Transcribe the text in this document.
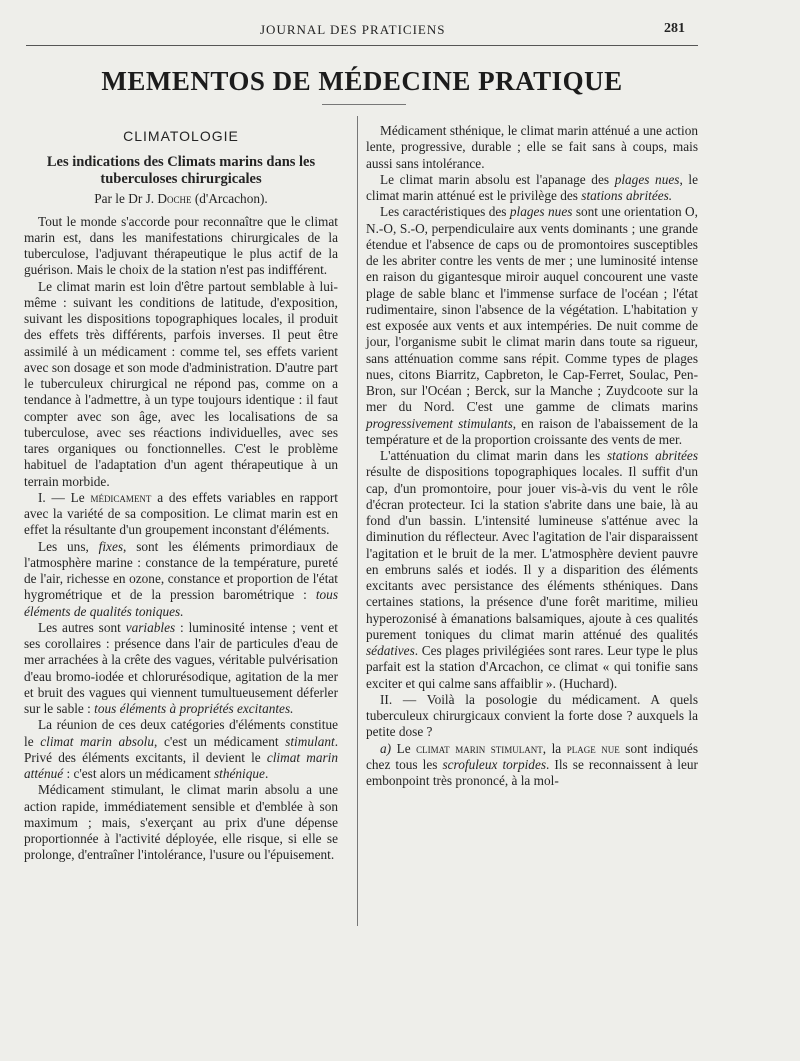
JOURNAL DES PRATICIENS	281
MEMENTOS DE MÉDECINE PRATIQUE

CLIMATOLOGIE

Les indications des Climats marins dans les tuberculoses chirurgicales

Par le Dr J. Doche (d'Arcachon).

Tout le monde s'accorde pour reconnaître que le climat marin est, dans les manifestations chirurgicales de la tuberculose, l'adjuvant thérapeutique le plus actif de la guérison. Mais le choix de la station n'est pas indifférent.

Le climat marin est loin d'être partout semblable à lui-même : suivant les conditions de latitude, d'exposition, suivant les dispositions topographiques locales, il produit des effets très différents, parfois inverses. Il peut être assimilé à un médicament : comme tel, ses effets varient avec son dosage et son mode d'administration. D'autre part le tuberculeux chirurgical ne répond pas, comme on a tendance à l'admettre, à un type toujours identique : il faut compter avec son âge, avec les localisations de sa tuberculose, avec ses réactions individuelles, avec ses tares organiques ou fonctionnelles. C'est le problème habituel de l'adaptation d'un agent thérapeutique à un terrain morbide.

I. — Le médicament a des effets variables en rapport avec la variété de sa composition. Le climat marin est en effet la résultante d'un groupement inconstant d'éléments.

Les uns, fixes, sont les éléments primordiaux de l'atmosphère marine : constance de la température, pureté de l'air, richesse en ozone, constance et proportion de l'état hygrométrique et de la pression barométrique : tous éléments de qualités toniques.

Les autres sont variables : luminosité intense ; vent et ses corollaires : présence dans l'air de particules d'eau de mer arrachées à la crête des vagues, véritable pulvérisation d'eau bromo-iodée et chlorurésodique, agitation de la mer et bruit des vagues qui viennent tumultueusement déferler sur le sable : tous éléments à propriétés excitantes.

La réunion de ces deux catégories d'éléments constitue le climat marin absolu, c'est un médicament stimulant. Privé des éléments excitants, il devient le climat marin atténué : c'est alors un médicament sthénique.

Médicament stimulant, le climat marin absolu a une action rapide, immédiatement sensible et d'emblée à son maximum ; mais, s'exerçant au prix d'une dépense proportionnée à l'activité déployée, elle risque, si elle se prolonge, d'entraîner l'intolérance, l'usure ou l'épuisement.

Médicament sthénique, le climat marin atténué a une action lente, progressive, durable ; elle se fait sans à coups, mais aussi sans intolérance.

Le climat marin absolu est l'apanage des plages nues, le climat marin atténué est le privilège des stations abritées.

Les caractéristiques des plages nues sont une orientation O, N.-O, S.-O, perpendiculaire aux vents dominants ; une grande étendue et l'absence de caps ou de promontoires susceptibles de les abriter contre les vents de mer ; une luminosité intense en raison du gigantesque miroir auquel concourent une vaste plage de sable blanc et l'immense surface de l'océan ; l'état rudimentaire, sinon l'absence de la végétation. L'habitation y est exposée aux vents et aux intempéries. De nuit comme de jour, l'organisme subit le climat marin dans toute sa rigueur, sans atténuation comme sans répit. Comme types de plages nues, citons Biarritz, Capbreton, le Cap-Ferret, Soulac, Pen-Bron, sur l'Océan ; Berck, sur la Manche ; Zuydcoote sur la mer du Nord. C'est une gamme de climats marins progressivement stimulants, en raison de l'abaissement de la température et de la proportion croissante des vents de mer.

L'atténuation du climat marin dans les stations abritées résulte de dispositions topographiques locales. Il suffit d'un cap, d'un promontoire, pour jouer vis-à-vis du vent le rôle d'écran protecteur. Ici la station s'abrite dans une baie, là au fond d'un bassin. L'intensité lumineuse s'atténue avec la diminution du réflecteur. Avec l'agitation de l'air disparaissent l'agitation et le bruit de la mer. L'atmosphère devient pauvre en embruns salés et iodés. Il y a disparition des éléments excitants avec persistance des éléments sthéniques. Dans certaines stations, la présence d'une forêt maritime, milieu hyperozonisé à émanations balsamiques, ajoute à ces qualités purement toniques du climat marin atténué des qualités sédatives. Ces plages privilégiées sont rares. Leur type le plus parfait est la station d'Arcachon, ce climat « qui tonifie sans exciter et qui calme sans affaiblir ». (Huchard).

II. — Voilà la posologie du médicament. A quels tuberculeux chirurgicaux convient la forte dose ? auxquels la petite dose ?

a) Le climat marin stimulant, la plage nue sont indiqués chez tous les scrofuleux torpides. Ils se reconnaissent à leur embonpoint très prononcé, à la mol-
